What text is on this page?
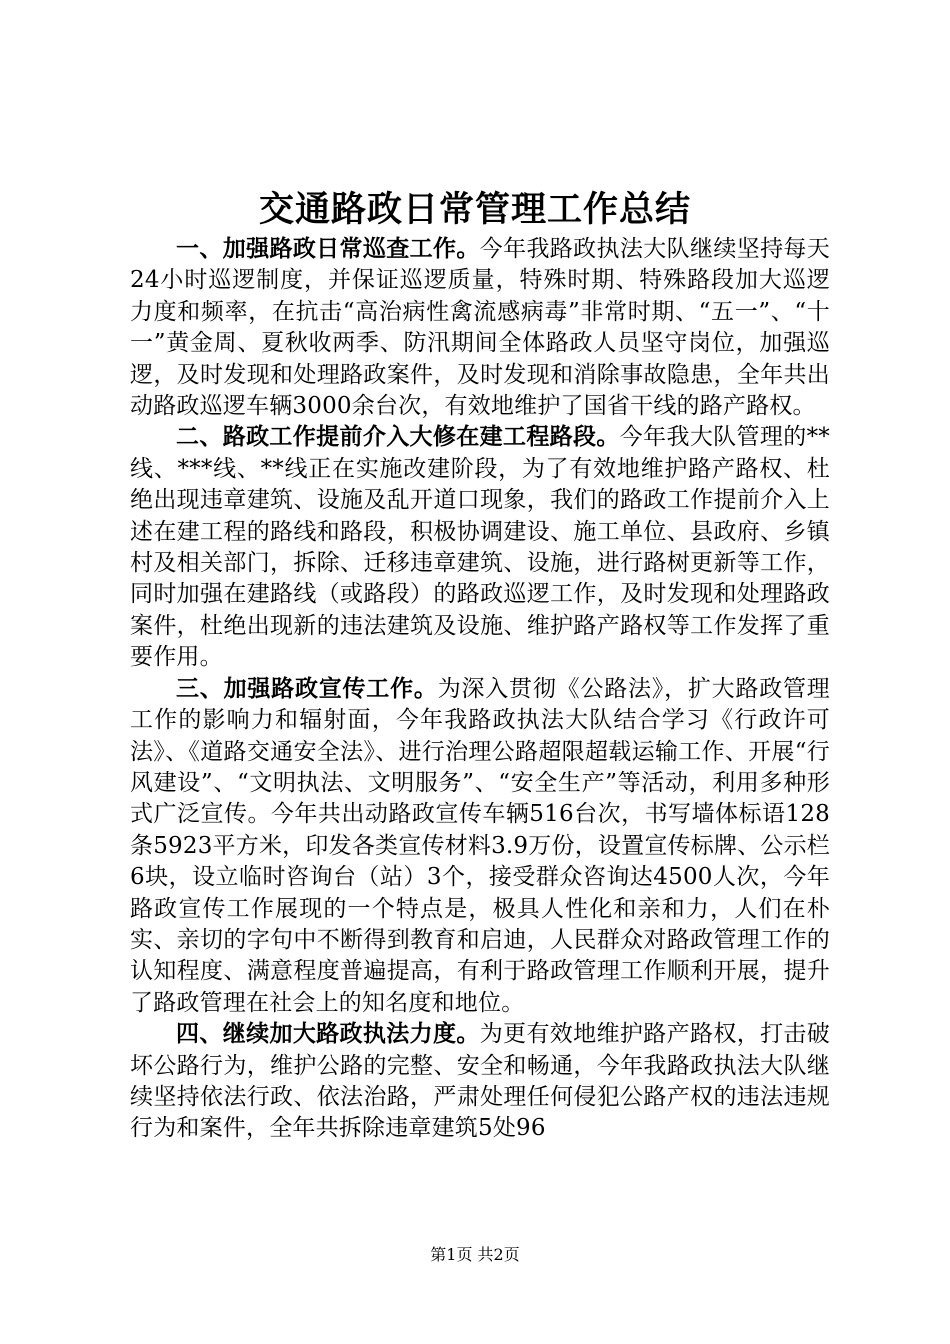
交通路政日常管理工作总结

一、加强路政日常巡查工作。今年我路政执法大队继续坚持每天24小时巡逻制度，并保证巡逻质量，特殊时期、特殊路段加大巡逻力度和频率，在抗击“高治病性禽流感病毒”非常时期、“五一”、“十一”黄金周、夏秋收两季、防汛期间全体路政人员坚守岗位，加强巡逻，及时发现和处理路政案件，及时发现和消除事故隐患，全年共出动路政巡逻车辆3000余台次，有效地维护了国省干线的路产路权。

二、路政工作提前介入大修在建工程路段。今年我大队管理的**线、***线、**线正在实施改建阶段，为了有效地维护路产路权、杜绝出现违章建筑、设施及乱开道口现象，我们的路政工作提前介入上述在建工程的路线和路段，积极协调建设、施工单位、县政府、乡镇村及相关部门，拆除、迁移违章建筑、设施，进行路树更新等工作，同时加强在建路线（或路段）的路政巡逻工作，及时发现和处理路政案件，杜绝出现新的违法建筑及设施、维护路产路权等工作发挥了重要作用。

三、加强路政宣传工作。为深入贯彻《公路法》，扩大路政管理工作的影响力和辐射面，今年我路政执法大队结合学习《行政许可法》、《道路交通安全法》、进行治理公路超限超载运输工作、开展“行风建设”、“文明执法、文明服务”、“安全生产”等活动，利用多种形式广泛宣传。今年共出动路政宣传车辆516台次，书写墙体标语128条5923平方米，印发各类宣传材料3.9万份，设置宣传标牌、公示栏6块，设立临时咨询台（站）3个，接受群众咨询达4500人次，今年路政宣传工作展现的一个特点是，极具人性化和亲和力，人们在朴实、亲切的字句中不断得到教育和启迪，人民群众对路政管理工作的认知程度、满意程度普遍提高，有利于路政管理工作顺利开展，提升了路政管理在社会上的知名度和地位。

四、继续加大路政执法力度。为更有效地维护路产路权，打击破坏公路行为，维护公路的完整、安全和畅通，今年我路政执法大队继续坚持依法行政、依法治路，严肃处理任何侵犯公路产权的违法违规行为和案件，全年共拆除违章建筑5处96

第1页 共2页
